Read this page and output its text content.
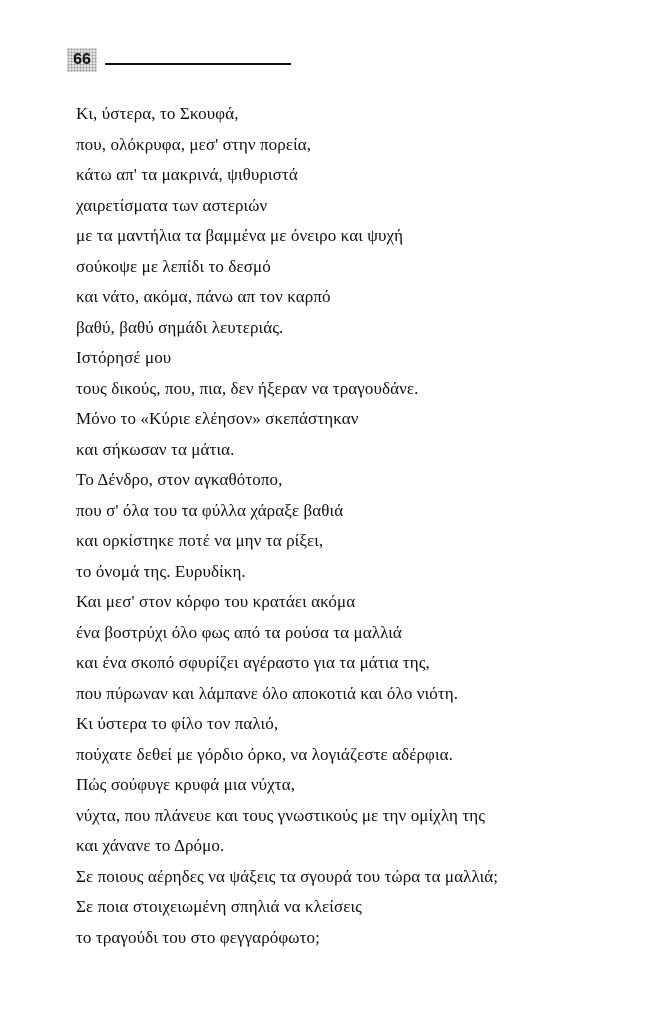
66
Κι, ύστερα, το Σκουφά,
που, ολόκρυφα, μεσ' στην πορεία,
κάτω απ' τα μακρινά, ψιθυριστά
χαιρετίσματα των αστεριών
με τα μαντήλια τα βαμμένα με όνειρο και ψυχή
σούκοψε με λεπίδι το δεσμό
και νάτο, ακόμα, πάνω απ τον καρπό
βαθύ, βαθύ σημάδι λευτεριάς.
Ιστόρησέ μου
τους δικούς, που, πια, δεν ήξεραν να τραγουδάνε.
Μόνο το «Κύριε ελέησον» σκεπάστηκαν
και σήκωσαν τα μάτια.
Το Δένδρο, στον αγκαθότοπο,
που σ' όλα του τα φύλλα χάραξε βαθιά
και ορκίστηκε ποτέ να μην τα ρίξει,
το όνομά της. Ευρυδίκη.
Και μεσ' στον κόρφο του κρατάει ακόμα
ένα βοστρύχι όλο φως από τα ρούσα τα μαλλιά
και ένα σκοπό σφυρίζει αγέραστο για τα μάτια της,
που πύρωναν και λάμπανε όλο αποκοτιά και όλο νιότη.
Κι ύστερα το φίλο τον παλιό,
πούχατε δεθεί με γόρδιο όρκο, να λογιάζεστε αδέρφια.
Πώς σούφυγε κρυφά μια νύχτα,
νύχτα, που πλάνευε και τους γνωστικούς με την ομίχλη της
και χάνανε το Δρόμο.
Σε ποιους αέρηδες να ψάξεις τα σγουρά του τώρα τα μαλλιά;
Σε ποια στοιχειωμένη σπηλιά να κλείσεις
το τραγούδι του στο φεγγαρόφωτο;
